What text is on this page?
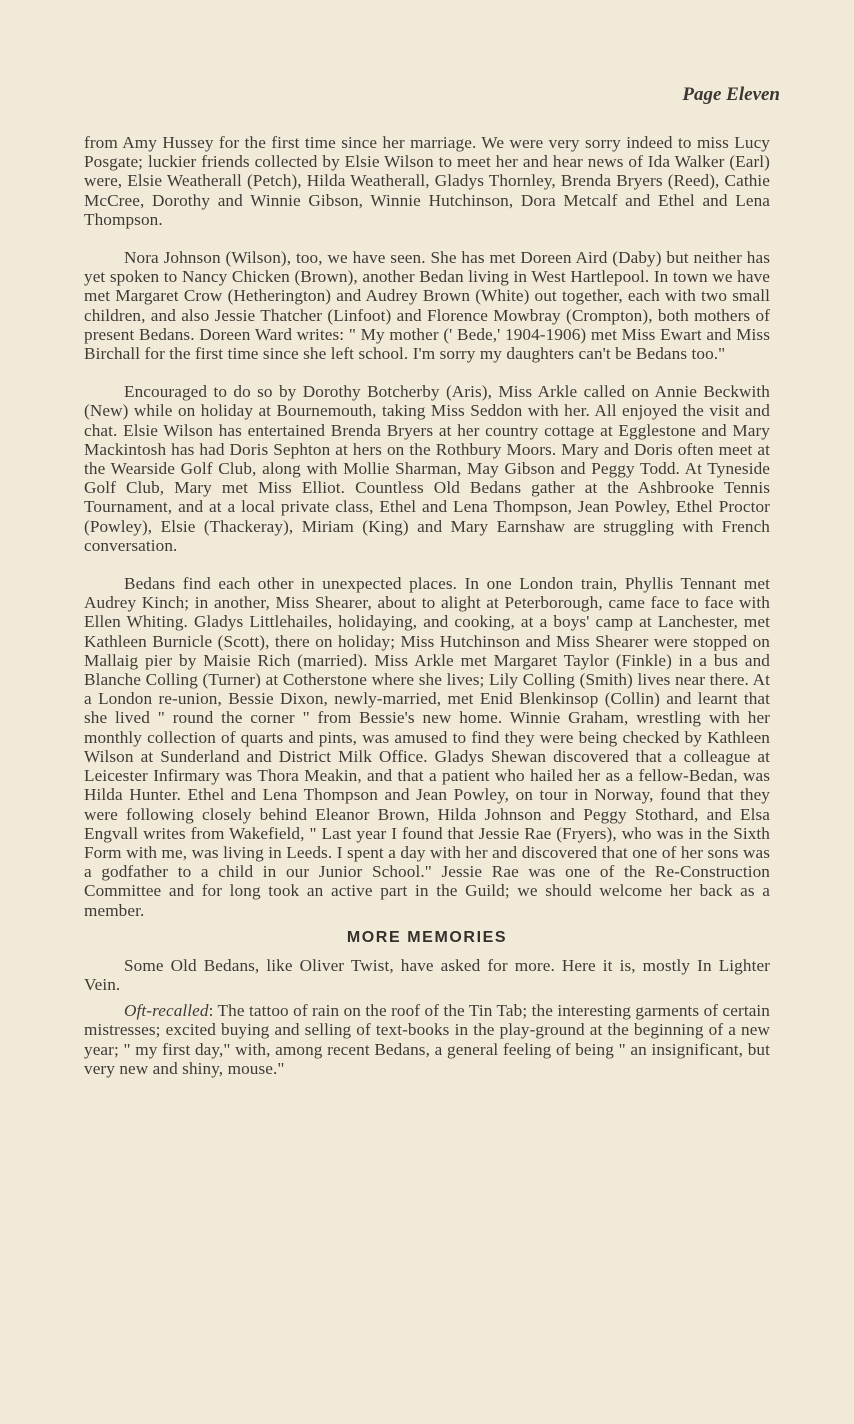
Page Eleven

from Amy Hussey for the first time since her marriage. We were very sorry indeed to miss Lucy Posgate; luckier friends collected by Elsie Wilson to meet her and hear news of Ida Walker (Earl) were, Elsie Weatherall (Petch), Hilda Weatherall, Gladys Thornley, Brenda Bryers (Reed), Cathie McCree, Dorothy and Winnie Gibson, Winnie Hutchinson, Dora Metcalf and Ethel and Lena Thompson.

Nora Johnson (Wilson), too, we have seen. She has met Doreen Aird (Daby) but neither has yet spoken to Nancy Chicken (Brown), another Bedan living in West Hartlepool. In town we have met Margaret Crow (Hetherington) and Audrey Brown (White) out together, each with two small children, and also Jessie Thatcher (Linfoot) and Florence Mowbray (Crompton), both mothers of present Bedans. Doreen Ward writes: " My mother (' Bede,' 1904-1906) met Miss Ewart and Miss Birchall for the first time since she left school. I'm sorry my daughters can't be Bedans too."

Encouraged to do so by Dorothy Botcherby (Aris), Miss Arkle called on Annie Beckwith (New) while on holiday at Bournemouth, taking Miss Seddon with her. All enjoyed the visit and chat. Elsie Wilson has entertained Brenda Bryers at her country cottage at Egglestone and Mary Mackintosh has had Doris Sephton at hers on the Rothbury Moors. Mary and Doris often meet at the Wearside Golf Club, along with Mollie Sharman, May Gibson and Peggy Todd. At Tyneside Golf Club, Mary met Miss Elliot. Countless Old Bedans gather at the Ashbrooke Tennis Tournament, and at a local private class, Ethel and Lena Thompson, Jean Powley, Ethel Proctor (Powley), Elsie (Thackeray), Miriam (King) and Mary Earnshaw are struggling with French conversation.

Bedans find each other in unexpected places. In one London train, Phyllis Tennant met Audrey Kinch; in another, Miss Shearer, about to alight at Peterborough, came face to face with Ellen Whiting. Gladys Littlehailes, holidaying, and cooking, at a boys' camp at Lanchester, met Kathleen Burnicle (Scott), there on holiday; Miss Hutchinson and Miss Shearer were stopped on Mallaig pier by Maisie Rich (married). Miss Arkle met Margaret Taylor (Finkle) in a bus and Blanche Colling (Turner) at Cotherstone where she lives; Lily Colling (Smith) lives near there. At a London re-union, Bessie Dixon, newly-married, met Enid Blenkinsop (Collin) and learnt that she lived " round the corner " from Bessie's new home. Winnie Graham, wrestling with her monthly collection of quarts and pints, was amused to find they were being checked by Kathleen Wilson at Sunderland and District Milk Office. Gladys Shewan discovered that a colleague at Leicester Infirmary was Thora Meakin, and that a patient who hailed her as a fellow-Bedan, was Hilda Hunter. Ethel and Lena Thompson and Jean Powley, on tour in Norway, found that they were following closely behind Eleanor Brown, Hilda Johnson and Peggy Stothard, and Elsa Engvall writes from Wakefield, " Last year I found that Jessie Rae (Fryers), who was in the Sixth Form with me, was living in Leeds. I spent a day with her and discovered that one of her sons was a godfather to a child in our Junior School." Jessie Rae was one of the Re-Construction Committee and for long took an active part in the Guild; we should welcome her back as a member.

MORE MEMORIES

Some Old Bedans, like Oliver Twist, have asked for more. Here it is, mostly In Lighter Vein.

Oft-recalled: The tattoo of rain on the roof of the Tin Tab; the interesting garments of certain mistresses; excited buying and selling of text-books in the play-ground at the beginning of a new year; " my first day," with, among recent Bedans, a general feeling of being " an insignificant, but very new and shiny, mouse."
